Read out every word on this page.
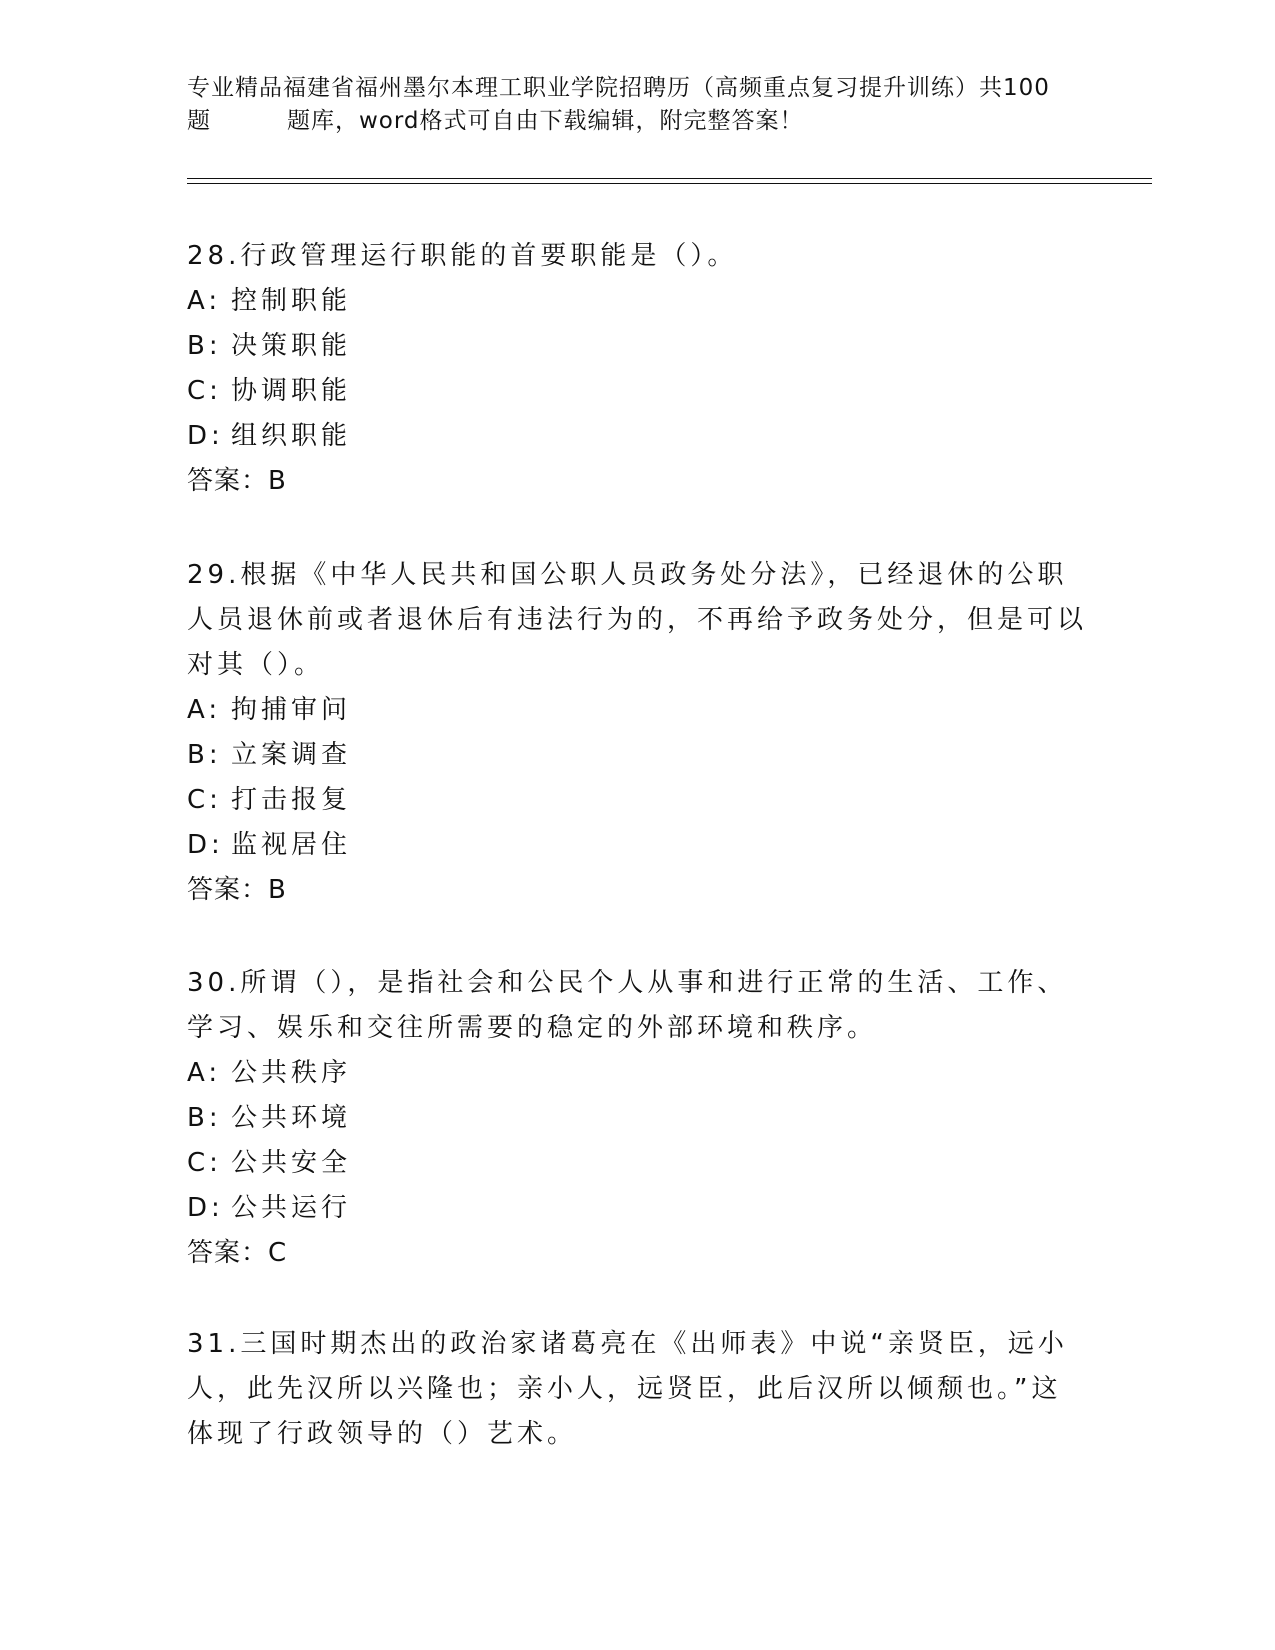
专业精品福建省福州墨尔本理工职业学院招聘历（高频重点复习提升训练）共100
题	题库，word格式可自由下载编辑，附完整答案！
28.行政管理运行职能的首要职能是（）。
A: 控制职能
B: 决策职能
C: 协调职能
D: 组织职能
答案：B
29.根据《中华人民共和国公职人员政务处分法》，已经退休的公职人员退休前或者退休后有违法行为的，不再给予政务处分，但是可以对其（）。
A: 拘捕审问
B: 立案调查
C: 打击报复
D: 监视居住
答案：B
30.所谓（），是指社会和公民个人从事和进行正常的生活、工作、学习、娱乐和交往所需要的稳定的外部环境和秩序。
A: 公共秩序
B: 公共环境
C: 公共安全
D: 公共运行
答案：C
31.三国时期杰出的政治家诸葛亮在《出师表》中说“亲贤臣，远小人，此先汉所以兴隆也；亲小人，远贤臣，此后汉所以倾颓也。”这体现了行政领导的（）艺术。
